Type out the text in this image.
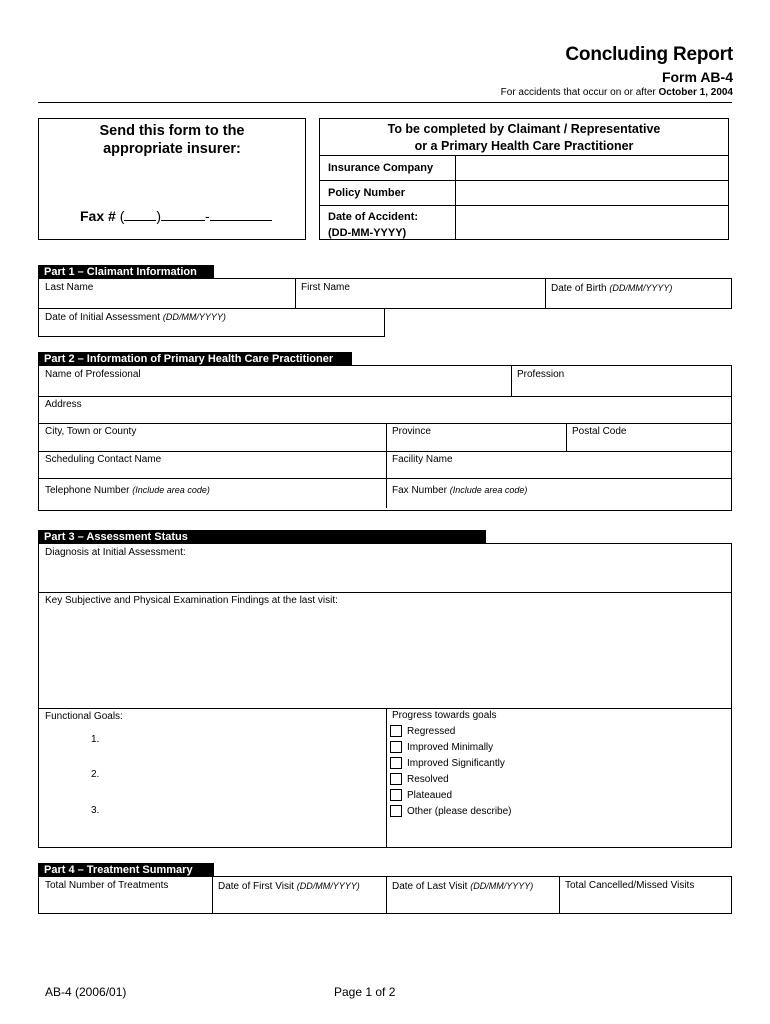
Concluding Report
Form AB-4
For accidents that occur on or after October 1, 2004
Send this form to the
appropriate insurer:
Fax # ( )	-
Insurance Company
Policy Number
Date of Accident:
(DD-MM-YYYY)
To be completed by Claimant / Representative
or a Primary Health Care Practitioner
Part 1 – Claimant Information
Last Name	First Name	Date of Birth (DD/MM/YYYY)
Date of Initial Assessment (DD/MM/YYYY)
Part 2 – Information of Primary Health Care Practitioner
Name of Professional	Profession
Address
City, Town or County	Province	Postal Code
Scheduling Contact Name	Facility Name
Telephone Number (Include area code)	Fax Number (Include area code)
Part 3 – Assessment Status
Diagnosis at Initial Assessment:
Key Subjective and Physical Examination Findings at the last visit:
Functional Goals:
1.
2.
3.
Progress towards goals
Regressed
Improved Minimally
Improved Significantly
Resolved
Plateaued
Other (please describe)
Part 4 – Treatment Summary
Total Number of Treatments	Date of First Visit (DD/MM/YYYY)	Date of Last Visit (DD/MM/YYYY)	Total Cancelled/Missed Visits
AB-4 (2006/01)	Page 1 of 2
